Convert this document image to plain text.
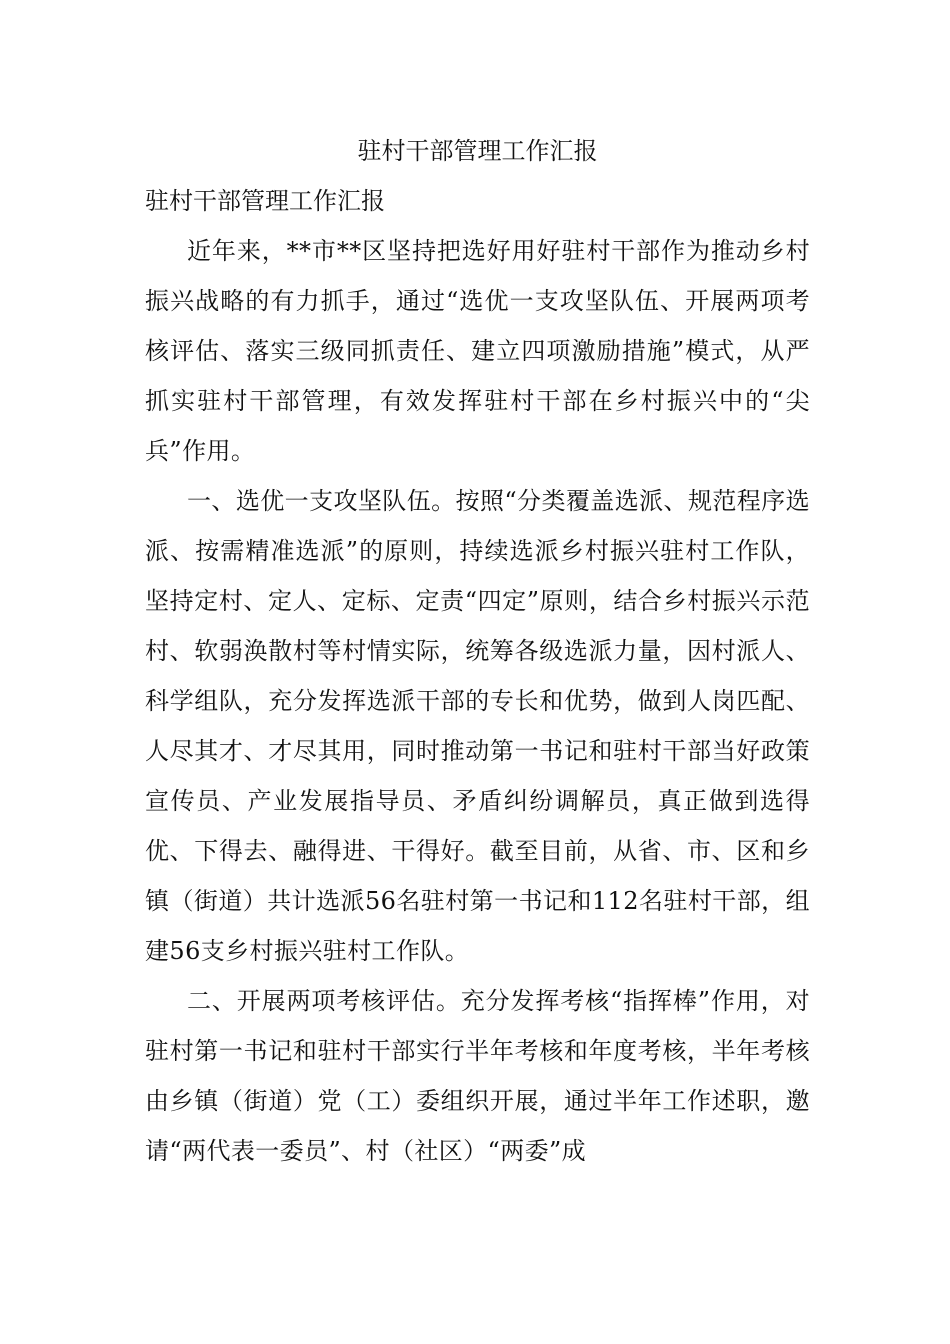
驻村干部管理工作汇报

驻村干部管理工作汇报

近年来，**市**区坚持把选好用好驻村干部作为推动乡村振兴战略的有力抓手，通过“选优一支攻坚队伍、开展两项考核评估、落实三级同抓责任、建立四项激励措施”模式，从严抓实驻村干部管理，有效发挥驻村干部在乡村振兴中的“尖兵”作用。

一、选优一支攻坚队伍。按照“分类覆盖选派、规范程序选派、按需精准选派”的原则，持续选派乡村振兴驻村工作队，坚持定村、定人、定标、定责“四定”原则，结合乡村振兴示范村、软弱涣散村等村情实际，统筹各级选派力量，因村派人、科学组队，充分发挥选派干部的专长和优势，做到人岗匹配、人尽其才、才尽其用，同时推动第一书记和驻村干部当好政策宣传员、产业发展指导员、矛盾纠纷调解员，真正做到选得优、下得去、融得进、干得好。截至目前，从省、市、区和乡镇（街道）共计选派56名驻村第一书记和112名驻村干部，组建56支乡村振兴驻村工作队。

二、开展两项考核评估。充分发挥考核“指挥棒”作用，对驻村第一书记和驻村干部实行半年考核和年度考核，半年考核由乡镇（街道）党（工）委组织开展，通过半年工作述职，邀请“两代表一委员”、村（社区）“两委”成
